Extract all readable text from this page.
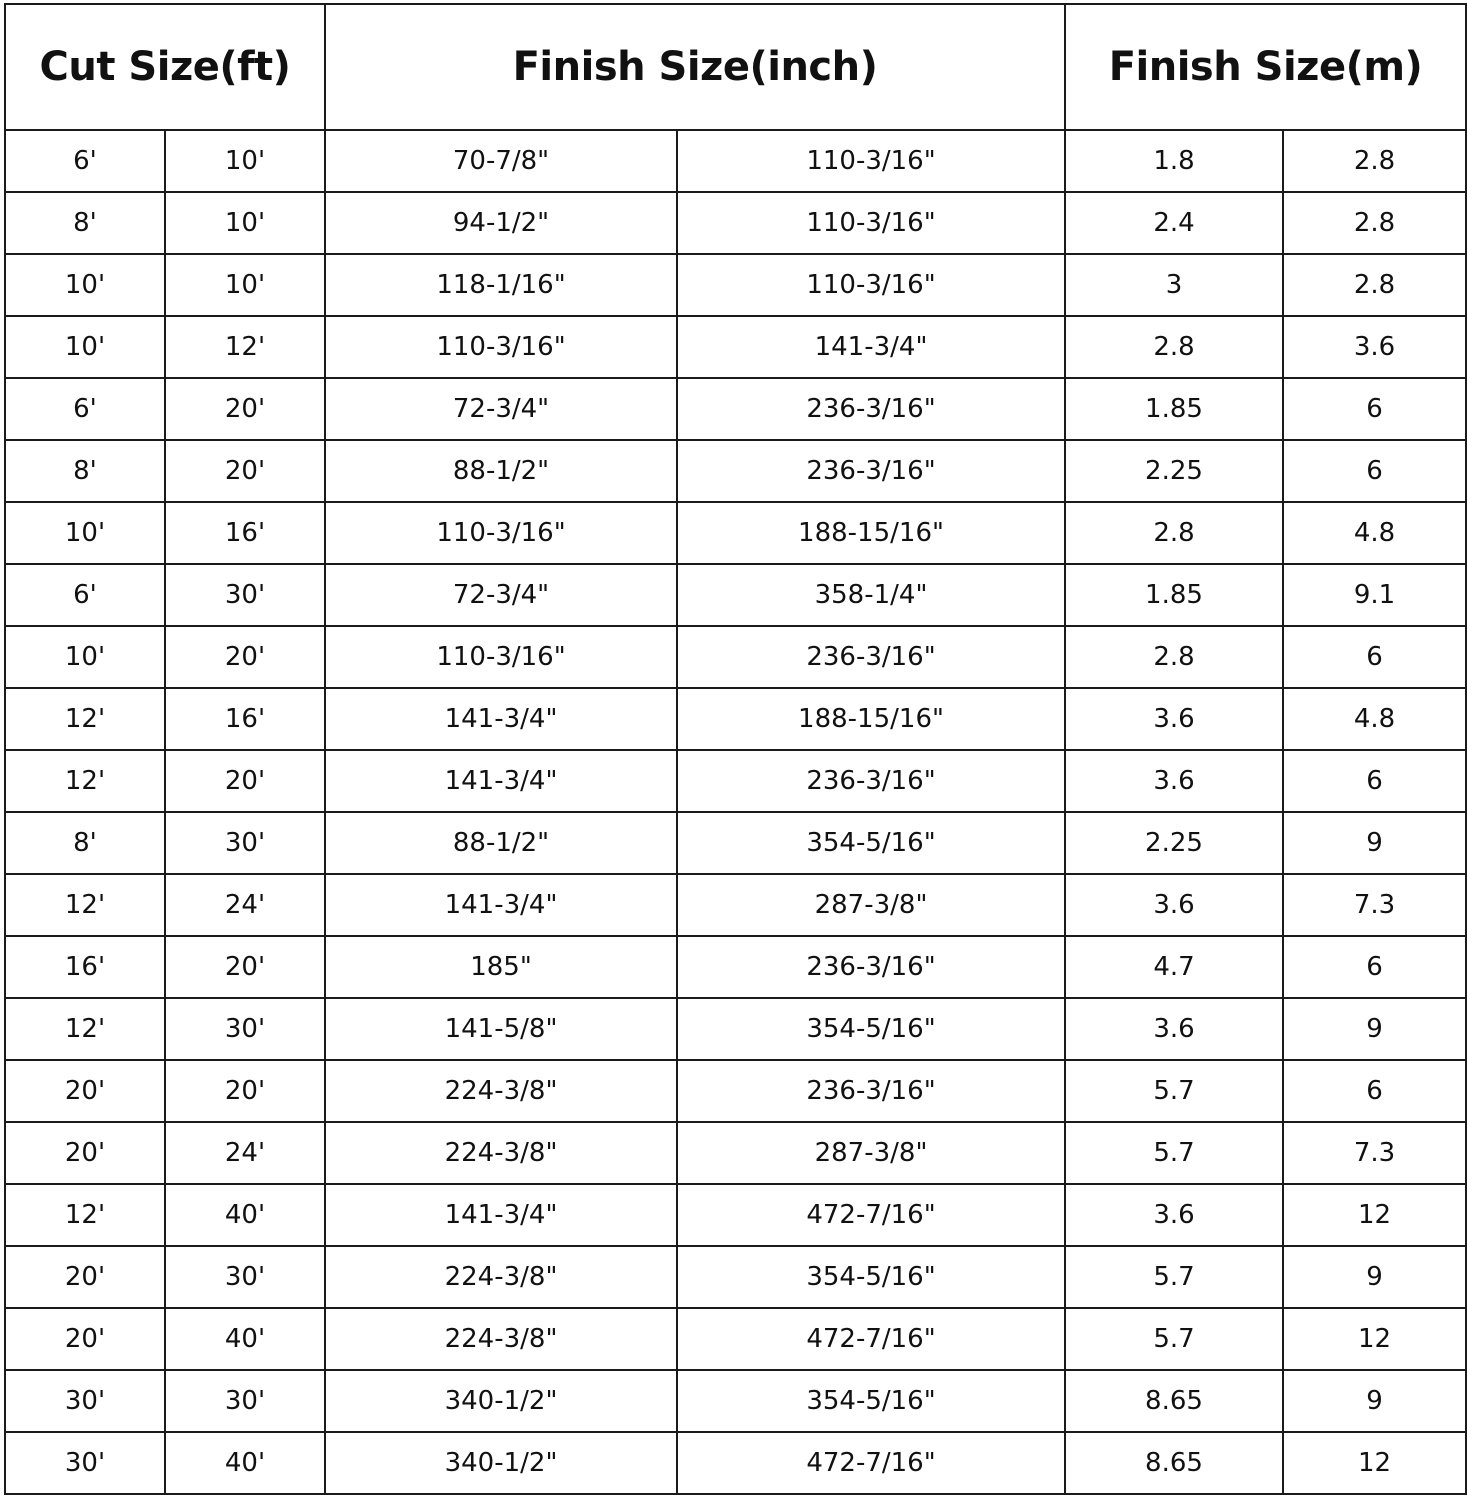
Cut Size(ft)		Finish Size(inch)		Finish Size(m)	
6'	10'	70-7/8"	110-3/16"	1.8	2.8
8'	10'	94-1/2"	110-3/16"	2.4	2.8
10'	10'	118-1/16"	110-3/16"	3	2.8
10'	12'	110-3/16"	141-3/4"	2.8	3.6
6'	20'	72-3/4"	236-3/16"	1.85	6
8'	20'	88-1/2"	236-3/16"	2.25	6
10'	16'	110-3/16"	188-15/16"	2.8	4.8
6'	30'	72-3/4"	358-1/4"	1.85	9.1
10'	20'	110-3/16"	236-3/16"	2.8	6
12'	16'	141-3/4"	188-15/16"	3.6	4.8
12'	20'	141-3/4"	236-3/16"	3.6	6
8'	30'	88-1/2"	354-5/16"	2.25	9
12'	24'	141-3/4"	287-3/8"	3.6	7.3
16'	20'	185"	236-3/16"	4.7	6
12'	30'	141-5/8"	354-5/16"	3.6	9
20'	20'	224-3/8"	236-3/16"	5.7	6
20'	24'	224-3/8"	287-3/8"	5.7	7.3
12'	40'	141-3/4"	472-7/16"	3.6	12
20'	30'	224-3/8"	354-5/16"	5.7	9
20'	40'	224-3/8"	472-7/16"	5.7	12
30'	30'	340-1/2"	354-5/16"	8.65	9
30'	40'	340-1/2"	472-7/16"	8.65	12
